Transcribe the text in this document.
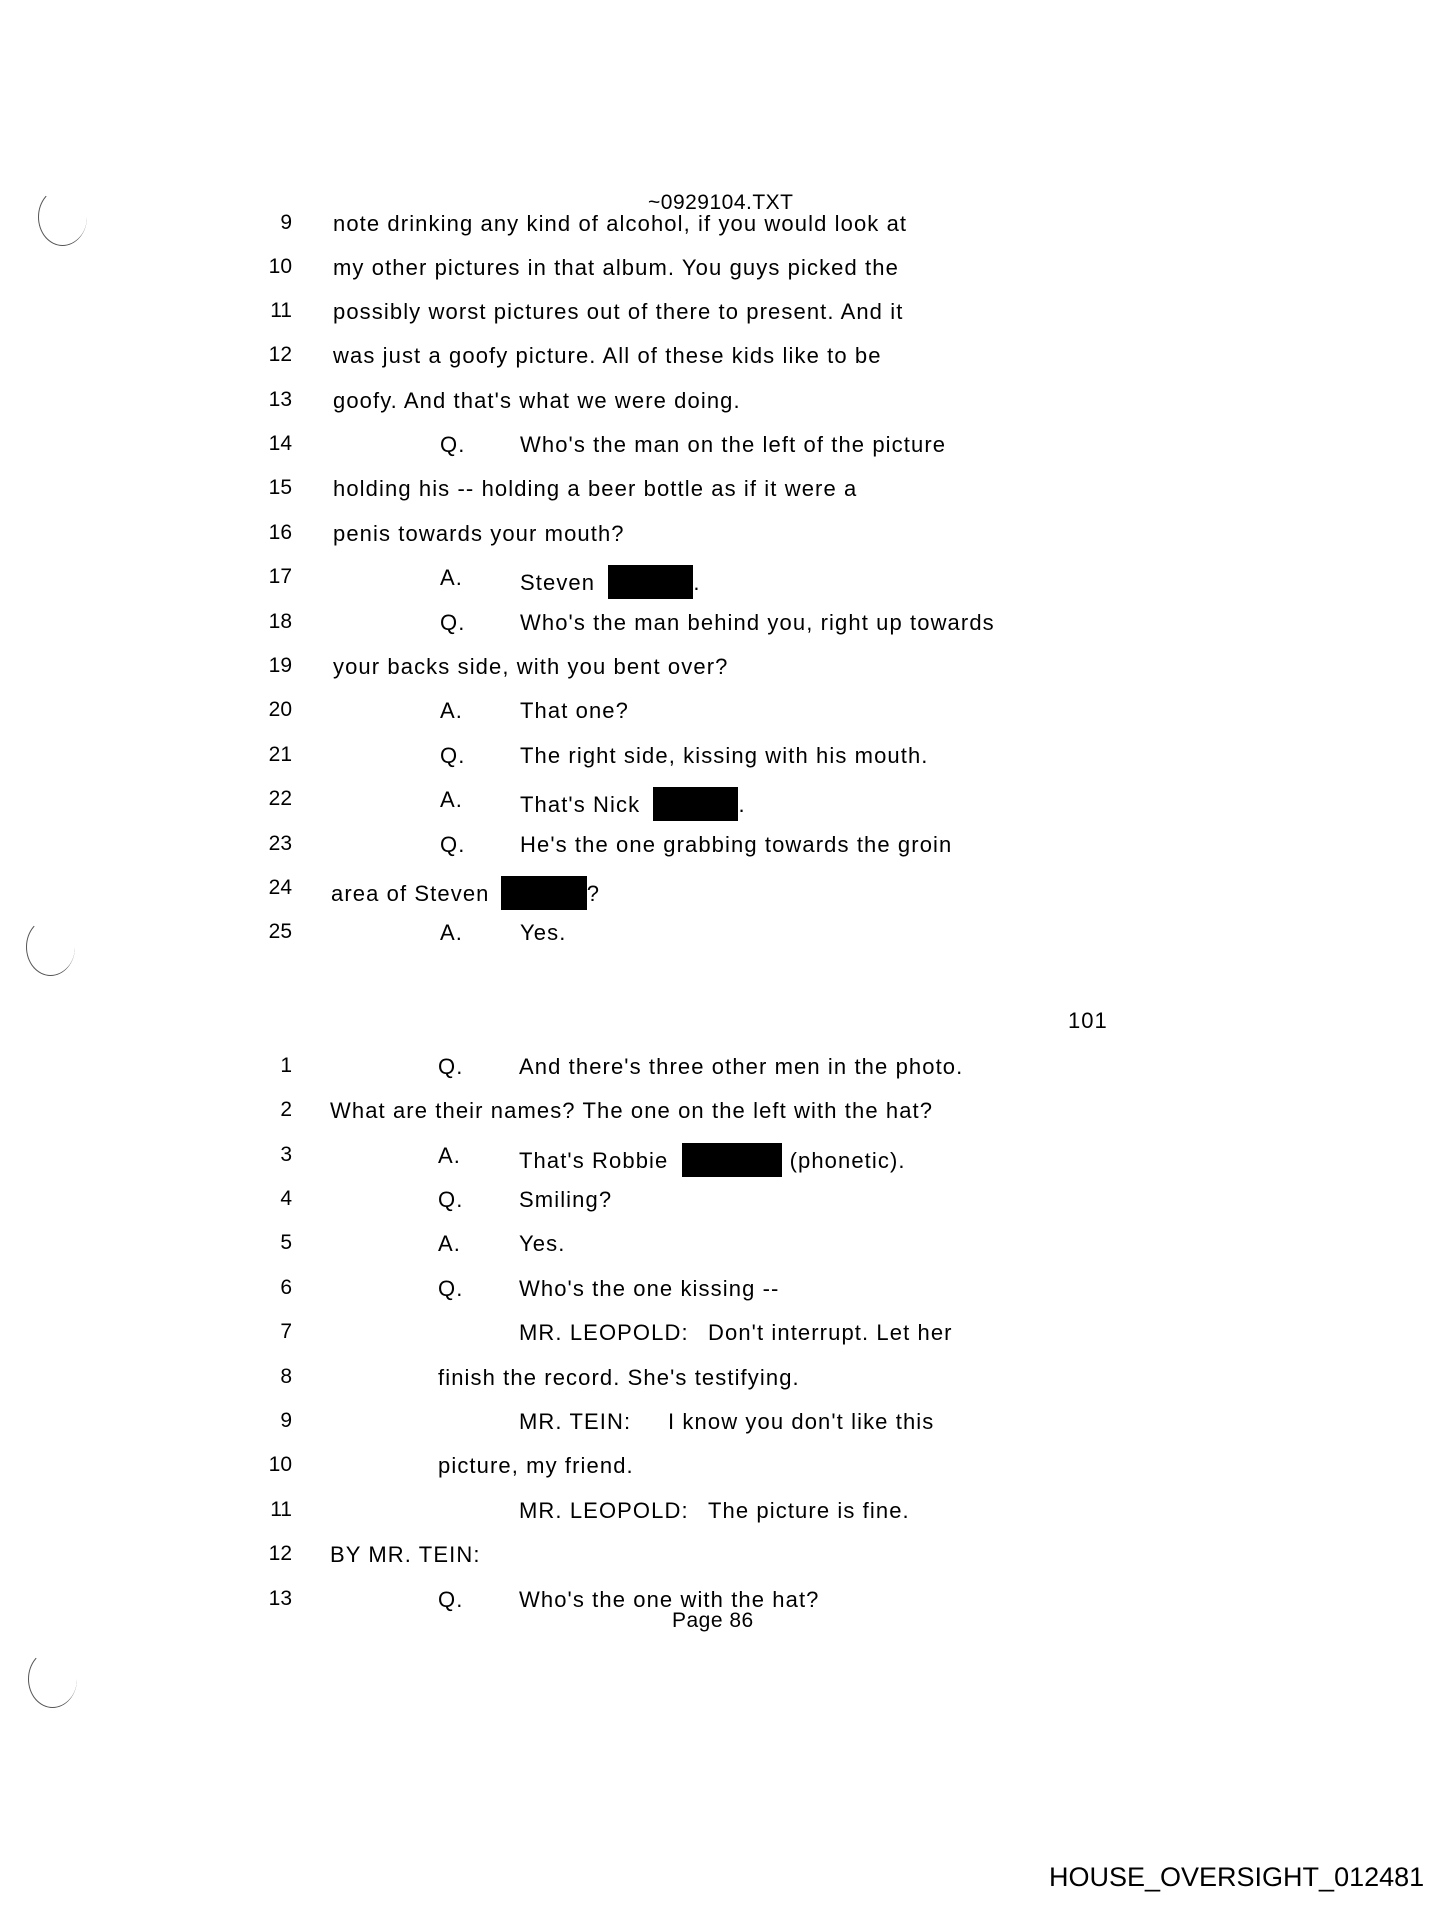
~0929104.TXT
9 note drinking any kind of alcohol, if you would look at
10 my other pictures in that album. You guys picked the
11 possibly worst pictures out of there to present. And it
12 was just a goofy picture. All of these kids like to be
13 goofy. And that's what we were doing.
14	Q. Who's the man on the left of the picture
15 holding his -- holding a beer bottle as if it were a
16 penis towards your mouth?
17	A.	Steven	.
18	Q. Who's the man behind you, right up towards
19 your backs side, with you bent over?
20	A.	That one?
21	Q. The right side, kissing with his mouth.
22	A.	That's Nick	.
23	Q. He's the one grabbing towards the groin
24 area of Steven	?
25	A.	Yes.
101
1	Q.	And there's three other men in the photo.
2 What are their names? The one on the left with the hat?
3	A.	That's Robbie	(phonetic).
4	Q.	Smiling?
5	A.	Yes.
6	Q.	Who's the one kissing --
7	MR. LEOPOLD: Don't interrupt. Let her
8	finish the record. She's testifying.
9	MR. TEIN: I know you don't like this
10	picture, my friend.
11	MR. LEOPOLD: The picture is fine.
12 BY MR. TEIN:
13	Q.	Who's the one with the hat?
Page 86
HOUSE_OVERSIGHT_012481
